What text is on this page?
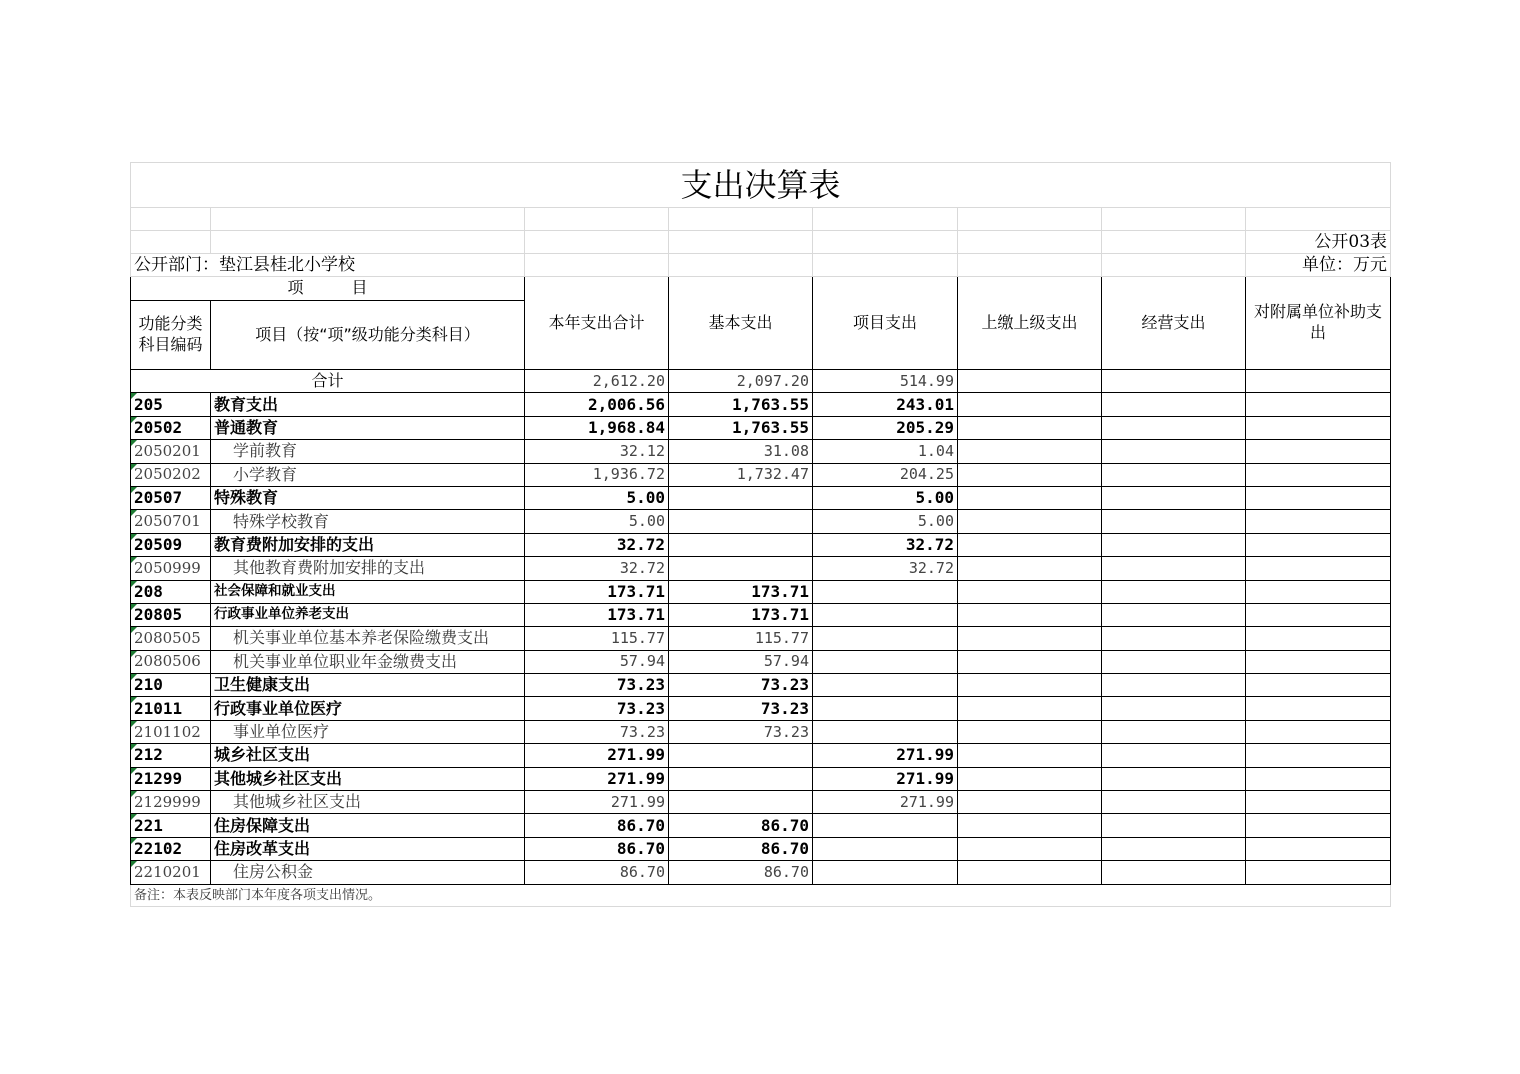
支出决算表							

							公开03表
公开部门：垫江县桂北小学校							单位：万元
项　　　目		本年支出合计	基本支出	项目支出	上缴上级支出	经营支出	对附属单位补助支出
功能分类科目编码	项目（按“项”级功能分类科目）						
合计		2,612.20	2,097.20	514.99			
205	教育支出	2,006.56	1,763.55	243.01			
20502	普通教育	1,968.84	1,763.55	205.29			
2050201	学前教育	32.12	31.08	1.04			
2050202	小学教育	1,936.72	1,732.47	204.25			
20507	特殊教育	5.00		5.00			
2050701	特殊学校教育	5.00		5.00			
20509	教育费附加安排的支出	32.72		32.72			
2050999	其他教育费附加安排的支出	32.72		32.72			
208	社会保障和就业支出	173.71	173.71				
20805	行政事业单位养老支出	173.71	173.71				
2080505	机关事业单位基本养老保险缴费支出	115.77	115.77				
2080506	机关事业单位职业年金缴费支出	57.94	57.94				
210	卫生健康支出	73.23	73.23				
21011	行政事业单位医疗	73.23	73.23				
2101102	事业单位医疗	73.23	73.23				
212	城乡社区支出	271.99		271.99			
21299	其他城乡社区支出	271.99		271.99			
2129999	其他城乡社区支出	271.99		271.99			
221	住房保障支出	86.70	86.70				
22102	住房改革支出	86.70	86.70				
2210201	住房公积金	86.70	86.70				
备注：本表反映部门本年度各项支出情况。							
